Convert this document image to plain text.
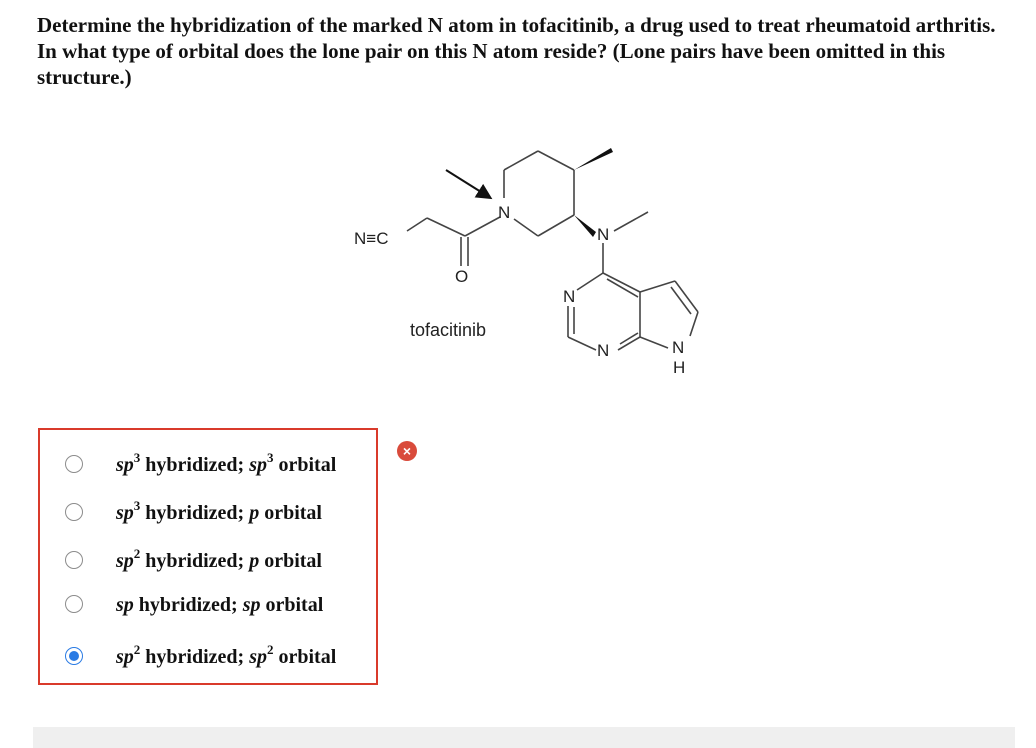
Determine the hybridization of the marked N atom in tofacitinib, a drug used to treat rheumatoid arthritis. In what type of orbital does the lone pair on this N atom reside? (Lone pairs have been omitted in this structure.)
N≡C
O
N
N
N
N	N
H
tofacitinib
$sp^3$ hybridized; $sp^3$ orbital
$sp^3$ hybridized; p orbital
$sp^2$ hybridized; p orbital
sp hybridized; sp orbital
$sp^2$ hybridized; $sp^2$ orbital
×
